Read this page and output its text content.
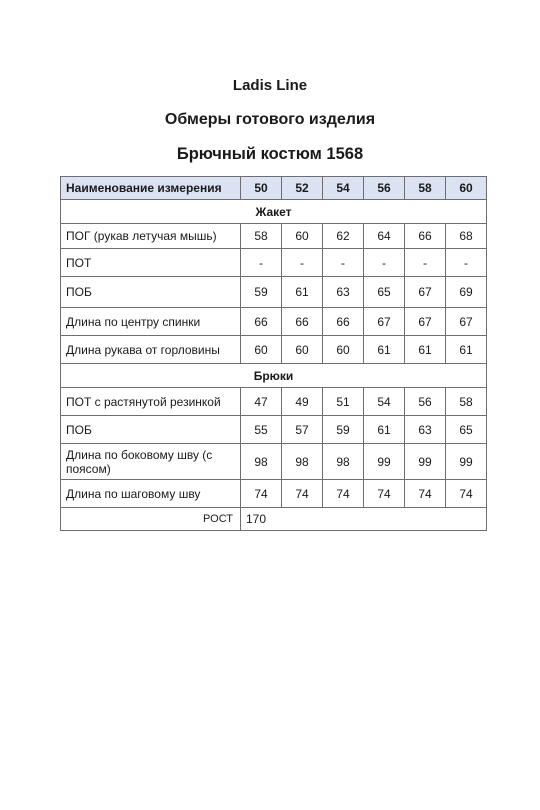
Ladis Line
Обмеры готового изделия
Брючный костюм 1568
Наименование измерения	50	52	54	56	58	60
Жакет						
ПОГ (рукав летучая мышь)	58	60	62	64	66	68
ПОТ	-	-	-	-	-	-
ПОБ	59	61	63	65	67	69
Длина по центру спинки	66	66	66	67	67	67
Длина рукава от горловины	60	60	60	61	61	61
Брюки						
ПОТ с растянутой резинкой	47	49	51	54	56	58
ПОБ	55	57	59	61	63	65
Длина по боковому шву (с поясом)	98	98	98	99	99	99
Длина по шаговому шву	74	74	74	74	74	74
РОСТ	170					
